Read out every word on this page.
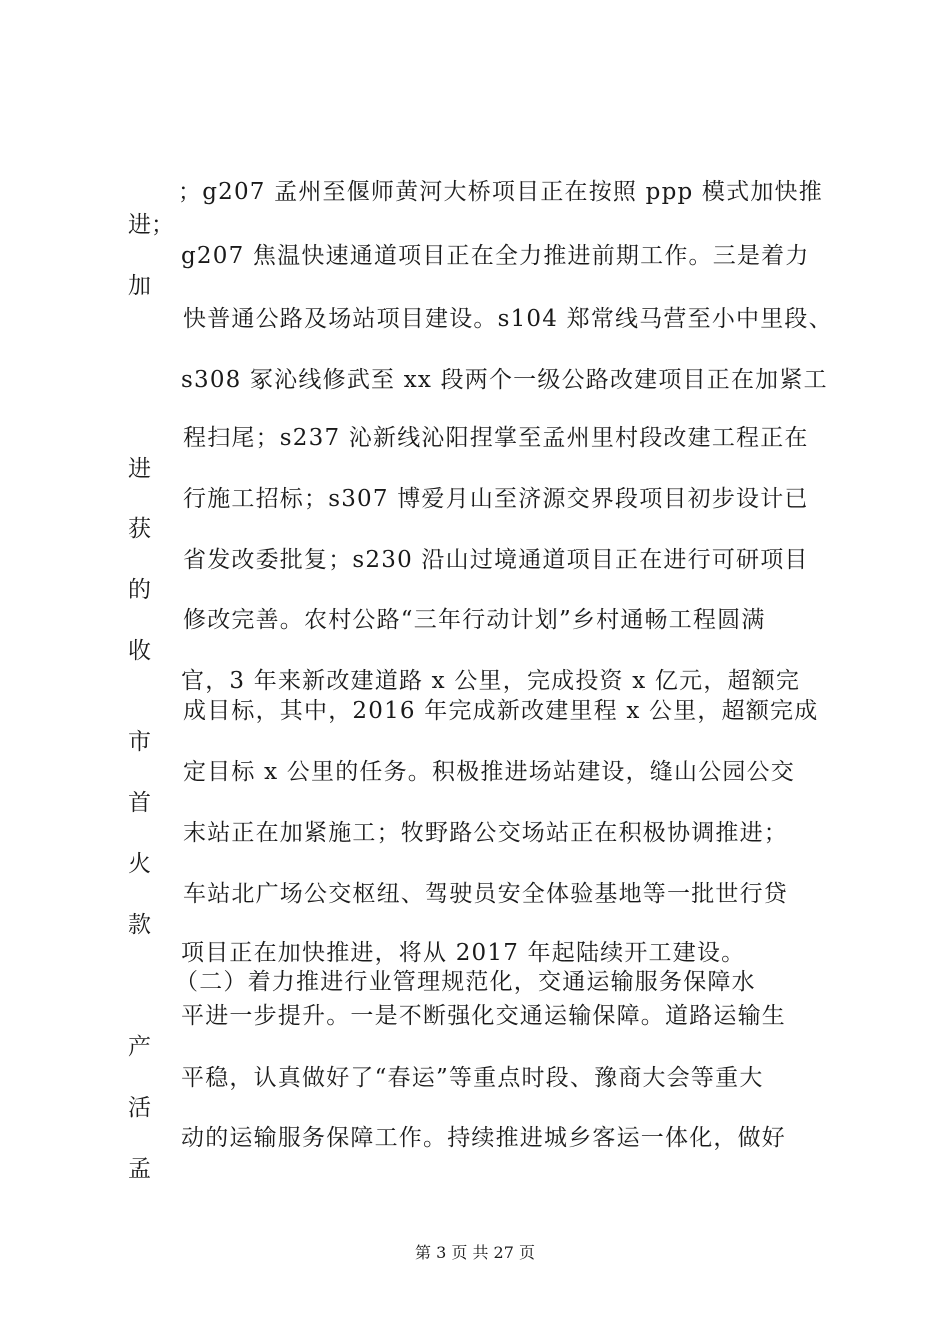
；g207 孟州至偃师黄河大桥项目正在按照 ppp 模式加快推
进；
g207 焦温快速通道项目正在全力推进前期工作。三是着力
加
快普通公路及场站项目建设。s104 郑常线马营至小中里段、
s308 冢沁线修武至 xx 段两个一级公路改建项目正在加紧工
程扫尾；s237 沁新线沁阳捏掌至孟州里村段改建工程正在
进
行施工招标；s307 博爱月山至济源交界段项目初步设计已
获
省发改委批复；s230 沿山过境通道项目正在进行可研项目
的
修改完善。农村公路“三年行动计划”乡村通畅工程圆满
收
官，3 年来新改建道路 x 公里，完成投资 x 亿元，超额完
成目标，其中，2016 年完成新改建里程 x 公里，超额完成
市
定目标 x 公里的任务。积极推进场站建设，缝山公园公交
首
末站正在加紧施工；牧野路公交场站正在积极协调推进；
火
车站北广场公交枢纽、驾驶员安全体验基地等一批世行贷
款
项目正在加快推进，将从 2017 年起陆续开工建设。
（二）着力推进行业管理规范化，交通运输服务保障水
平进一步提升。一是不断强化交通运输保障。道路运输生
产
平稳，认真做好了“春运”等重点时段、豫商大会等重大
活
动的运输服务保障工作。持续推进城乡客运一体化，做好
孟
第 3 页 共 27 页
